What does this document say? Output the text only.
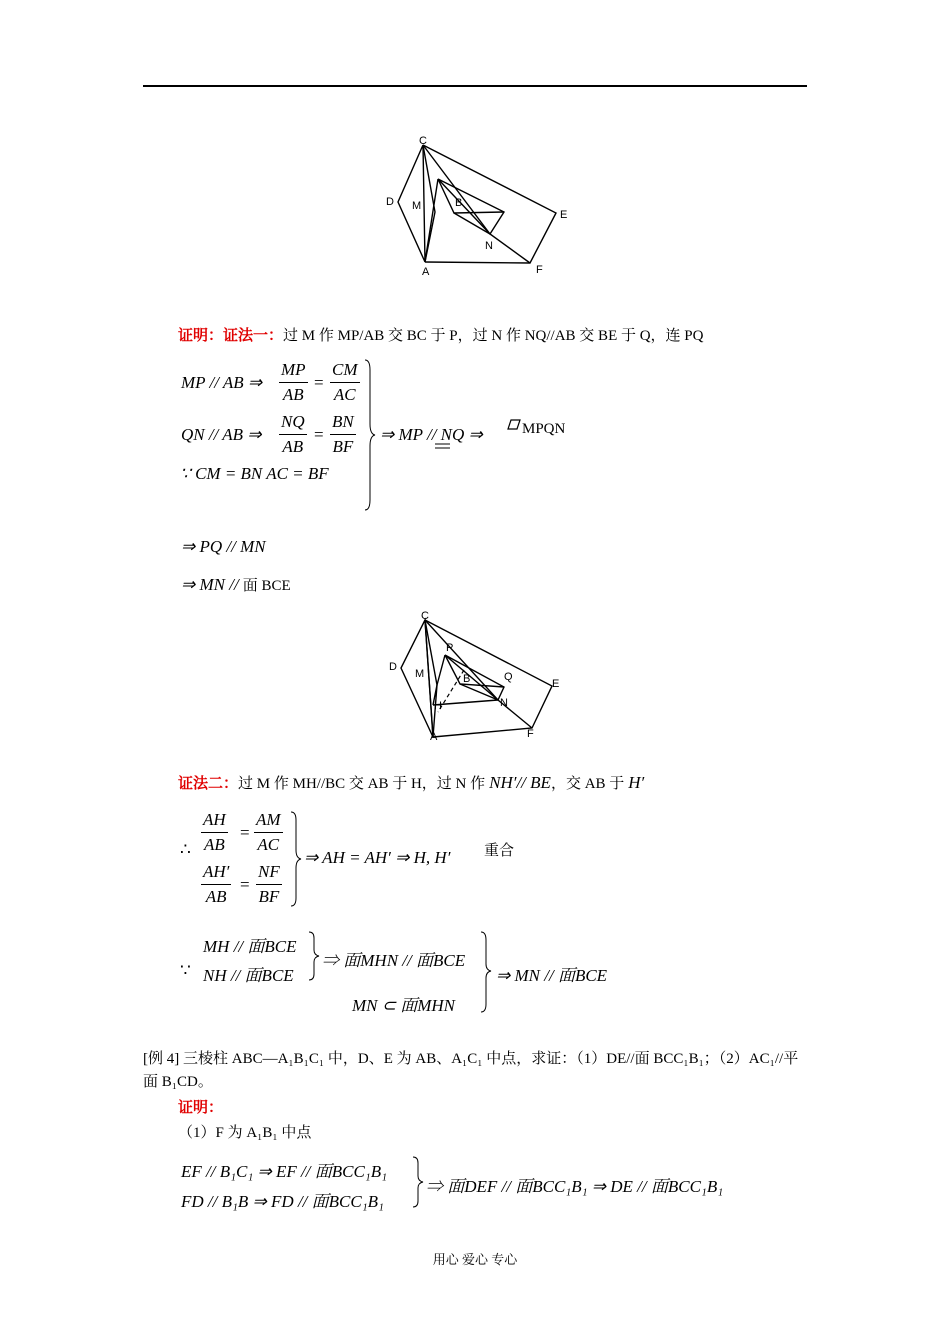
C
D M	B
E
N
A	F
证明：证法一：过 M 作 MP/AB 交 BC 于 P，过 N 作 NQ//AB 交 BE 于 Q，连 PQ
MP // AB ⇒ $\frac{MP}{AB} = \frac{CM}{AC}$
QN // AB ⇒ $\frac{NQ}{AB} = \frac{BN}{BF}$
∵ CM = BN AC = BF
⇒ MP // NQ ⇒	MPQN
⇒ PQ // MN
⇒ MN // 面 BCE
C
D
P
M	B	Q
E
H	N
A	F
证法二：过 M 作 MH//BC 交 AB 于 H，过 N 作 NH′// BE，交 AB 于 H′
∴ $\frac{AH}{AB} = \frac{AM}{AC}$
$\frac{AH'}{AB} = \frac{NF}{BF}$
⇒ AH = AH′ ⇒ H, H′ 重合
∵
MH // 面BCE
NH // 面BCE
⇒ 面MHN // 面BCE
MN ⊂ 面MHN
⇒ MN // 面BCE
[例 4] 三棱柱 ABC—A₁B₁C₁ 中，D、E 为 AB、A₁C₁ 中点，求证：（1）DE//面 BCC₁B₁；（2）AC₁//平
面 B₁CD。
证明：
（1）F 为 A₁B₁ 中点
EF // B₁C₁ ⇒ EF // 面BCC₁B₁
FD // B₁B ⇒ FD // 面BCC₁B₁
⇒ 面DEF // 面BCC₁B₁ ⇒ DE // 面BCC₁B₁
用心 爱心 专心
